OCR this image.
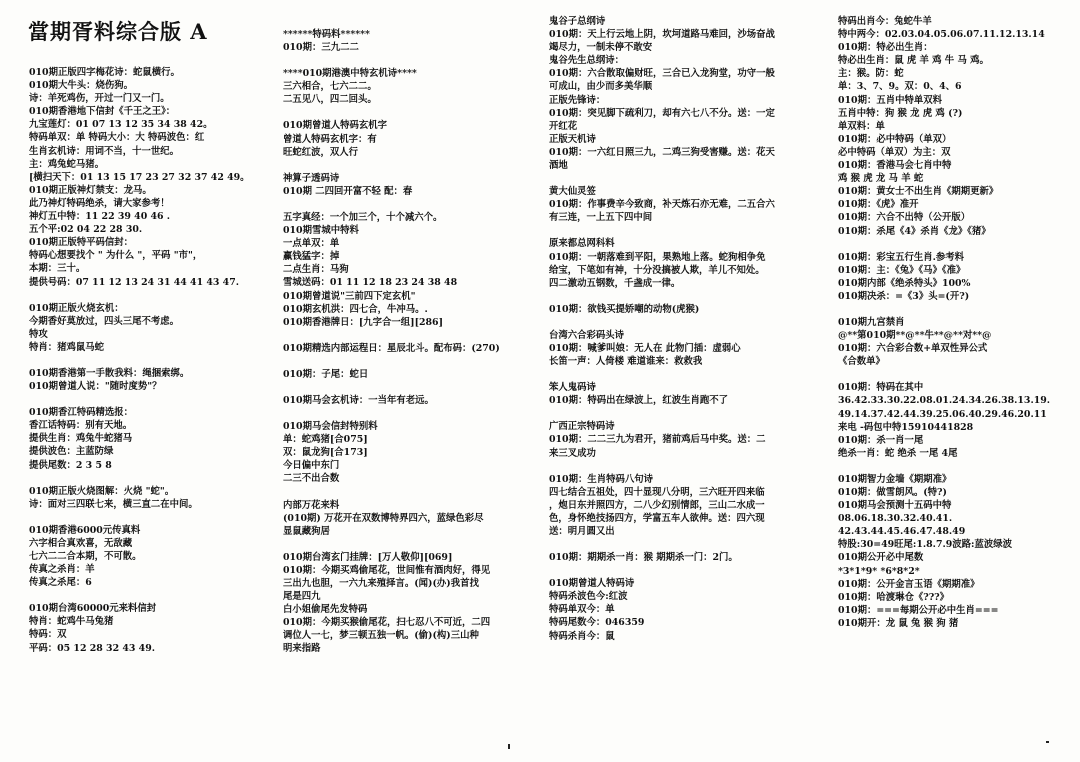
當期胥料综合版 A
010期正版四字梅花诗：蛇鼠横行。
010期大牛头：烧伤狗。
诗：羊死鸡伤，开过一门又一门。
010期香港地下信封《千王之王》：
九宝莲灯：01 07 13 12 35 34 38 42。
特码单双：单 特码大小：大 特码波色：红
生肖玄机诗：用词不当，十一世纪。
主：鸡兔蛇马猪。
[横扫天下：01 13 15 17 23 27 32 37 42 49。
010期正版神灯禁支：龙马。
此乃神灯特码绝杀，请大家参考！
神灯五中特：11 22 39 40 46 .
五个平:02 04 22 28 30.
010期正版特平码信封：
特码心想要找个 " 为什么 "，平码 "市"，
本期：三十。
提供号码：07 11 12 13 24 31 44 41 43 47.
010期正版火烧玄机：
今期香好莫放过，四头三尾不考虑。
特攻
特肖：猪鸡鼠马蛇
010期香港第一手散我料：绳捆索绑。
010期曾道人说："随时度势"？
010期香江特码精选报：
香江话特码：别有天地。
提供生肖：鸡兔牛蛇猪马
提供波色：主蓝防绿
提供尾数：2 3 5 8
010期正版火烧图解：火烧 "蛇"。
诗：面对三四联七来，横三直二在中间。
010期香港6000元传真料
六字相合真欢喜，无敌藏
七六二二合本期，不可散。
传真之杀肖：羊
传真之杀尾：6
010期台湾60000元来料信封
特肖：蛇鸡牛马兔猪
特码：双
平码：05 12 28 32 43 49.
******特码料******
010期：三九二二
****010期港澳中特玄机诗****
三六相合，七六二二。
二五见八，四二回头。
010期曾道人特码玄机字
曾道人特码玄机字：有
旺蛇红波，双人行
神算子透码诗
010期 二四回开富不轻 配：春
五字真经：一个加三个，十个减六个。
010期雪城中特料
一点单双：单
赢钱猛字：掉
二点生肖：马狗
雪城送码：01 11 12 18 23 24 38 48
010期曾道说"三前四下定玄机"
010期玄机洪：四七合，牛冲马。.
010期香港牌日：[九字合一组][286]
010期精选内部运程日：星辰北斗。配布码：(270)
010期：子尾：蛇日
010期马会玄机诗：一当年有老远。
010期马会信封特别料
单：蛇鸡猪[合075]
双：鼠龙狗[合173]
今日偏中东门
二三不出合数
内部万花来料
(010期) 万花开在双数博特界四六，蓝绿色彩尽
显鼠藏狗居
010期台湾玄门挂牌：[万人敬仰][069]
010期：今期买鸡偷尾花，世间惟有酒肉好，得见
三出九也胆，一六九来殖择言。(闻)(办)我首找
尾是四九
白小姐偷尾先发特码
010期：今期买猴偷尾花，扫七忍八不可近，二四
调位人一七，梦三顿五独一帆。(偷)(构)三山种
明来指路
鬼谷子总纲诗
010期：天上行云地上阴，坎坷道路马难回，沙场奋战
竭尽力，一制未停不敢安
鬼谷先生总纲诗：
010期：六合散取偏财旺，三合已入龙狗堂，功守一般
可成山，由少而多美华顺
正版先锋诗：
010期：突见脚下疏利刀，却有六七八不分。送：一定
开红花
正版天机诗
010期：一六红日照三九，二鸡三狗受害赚。送：花天
酒地
黄大仙灵签
010期：作事费辛今致商，补天炼石亦无难，二五合六
有三连，一上五下四中间
原来都总网科料
010期：一朝落难到平阳，果熟地上落。蛇狗相争免
给宝，下笔如有神，十分没搞被人欺，羊儿不知处。
四二激动五钢数，千盏成一律。
010期：欲钱买提娇嘲的动物(虎猴)
台湾六合彩码头诗
010期：喊爹叫娘：无人在 此物门插：虚弱心
长笛一声：人倚楼 难道谁来：救救我
笨人鬼码诗
010期：特码出在绿波上，红波生肖跑不了
广西正宗特码诗
010期：二二三九为君开，猪前鸡后马中奖。送：二
来三叉成功
010期：生肖特码八句诗
四七结合五祖处，四十显现八分明，三六旺开四来临
，炮日东并照四方，二八少幻别情郎，三山二水成一
色，身怀绝技扬四方，学富五车人欲伸。送：四六现
送：明月圆又出
010期：期期杀一肖：猴 期期杀一门：2门。
010期曾道人特码诗
特码杀波色今:红波
特码单双今：单
特码尾数今：046359
特码杀肖今：鼠
特码出肖今：兔蛇牛羊
特中两今：02.03.04.05.06.07.11.12.13.14
010期：特必出生肖：
特必出生肖：鼠 虎 羊 鸡 牛 马 鸡。
主：猴。防：蛇
单：3、7、9。双：0、4、6
010期：五肖中特单双料
五肖中特：狗 猴 龙 虎 鸡 (?)
单双料：单
010期：必中特码（单双）
必中特码（单双）为主：双
010期：香港马会七肖中特
鸡 猴 虎 龙 马 羊 蛇
010期：黄女士不出生肖《期期更新》
010期：《虎》准开
010期：六合不出特（公开版）
010期：杀尾《4》杀肖《龙》《猪》
010期：彩宝五行生肖.参考料
010期：主：《兔》《马》《准》
010期内部《绝杀特头》100%
010期决杀：=《3》头=(开?)
010期九宫禁肖
@**第010期**@**牛**@**对**@
010期：六合彩合数+单双性异公式
《合数单》
010期：特码在其中
36.42.33.30.22.08.01.24.34.26.38.13.19.
49.14.37.42.44.39.25.06.40.29.46.20.11
来电 -码包中特15910441828
010期：杀一肖一尾
绝杀一肖：蛇 绝杀 一尾 4尾
010期智力金墙《期期准》
010期：做雪朗风。(特?)
010期马会预测十五码中特
08.06.18.30.32.40.41.
42.43.44.45.46.47.48.49
特股:30=49旺尾:1.8.7.9波路:蓝波绿波
010期公开必中尾数
*3*1*9* *6*8*2*
010期：公开金言玉语《期期准》
010期：哈渡琳仓《???》
010期：===每期公开必中生肖===
010期开：龙 鼠 兔 猴 狗 猪
